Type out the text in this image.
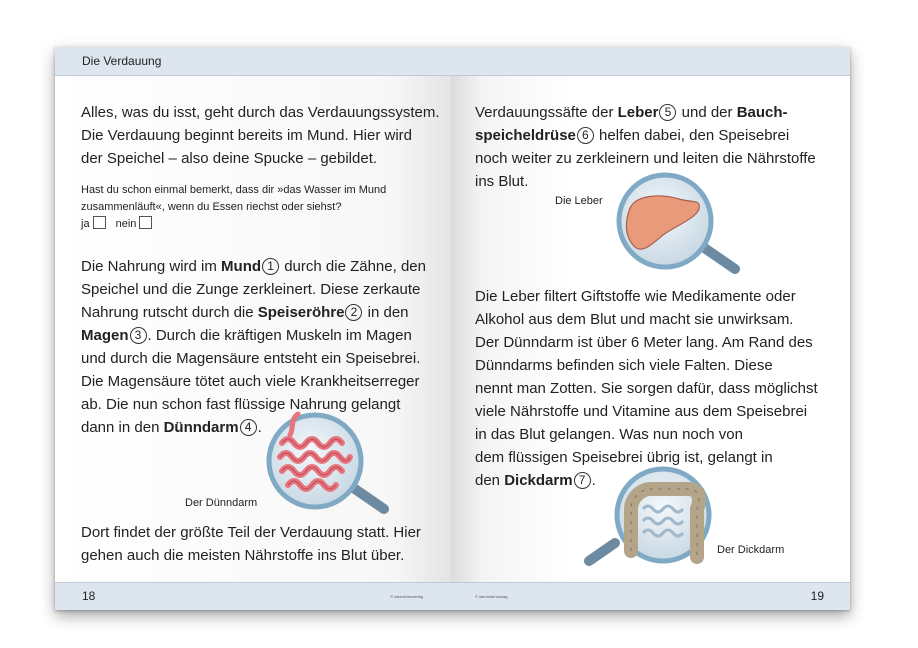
Die Verdauung
Alles, was du isst, geht durch das Verdauungssystem.
Die Verdauung beginnt bereits im Mund. Hier wird
der Speichel – also deine Spucke – gebildet.
Hast du schon einmal bemerkt, dass dir »das Wasser im Mund
zusammenläuft«, wenn du Essen riechst oder siehst?
ja nein
Die Nahrung wird im Mund 1 durch die Zähne, den
Speichel und die Zunge zerkleinert. Diese zerkaute
Nahrung rutscht durch die Speiseröhre 2 in den
Magen 3 . Durch die kräftigen Muskeln im Magen
und durch die Magensäure entsteht ein Speisebrei.
Die Magensäure tötet auch viele Krankheitserreger
ab. Die nun schon fast flüssige Nahrung gelangt
dann in den Dünndarm 4 .
Der Dünndarm
Dort findet der größte Teil der Verdauung statt. Hier
gehen auch die meisten Nährstoffe ins Blut über.
18	© sternchenverlag
Verdauungssäfte der Leber 5 und der Bauch-
speicheldrüse 6 helfen dabei, den Speisebrei
noch weiter zu zerkleinern und leiten die Nährstoffe
ins Blut.
Die Leber
Die Leber filtert Giftstoffe wie Medikamente oder
Alkohol aus dem Blut und macht sie unwirksam.
Der Dünndarm ist über 6 Meter lang. Am Rand des
Dünndarms befinden sich viele Falten. Diese
nennt man Zotten. Sie sorgen dafür, dass möglichst
viele Nährstoffe und Vitamine aus dem Speisebrei
in das Blut gelangen. Was nun noch von
dem flüssigen Speisebrei übrig ist, gelangt in
den Dickdarm 7 .
Der Dickdarm
© sternchenverlag	19
